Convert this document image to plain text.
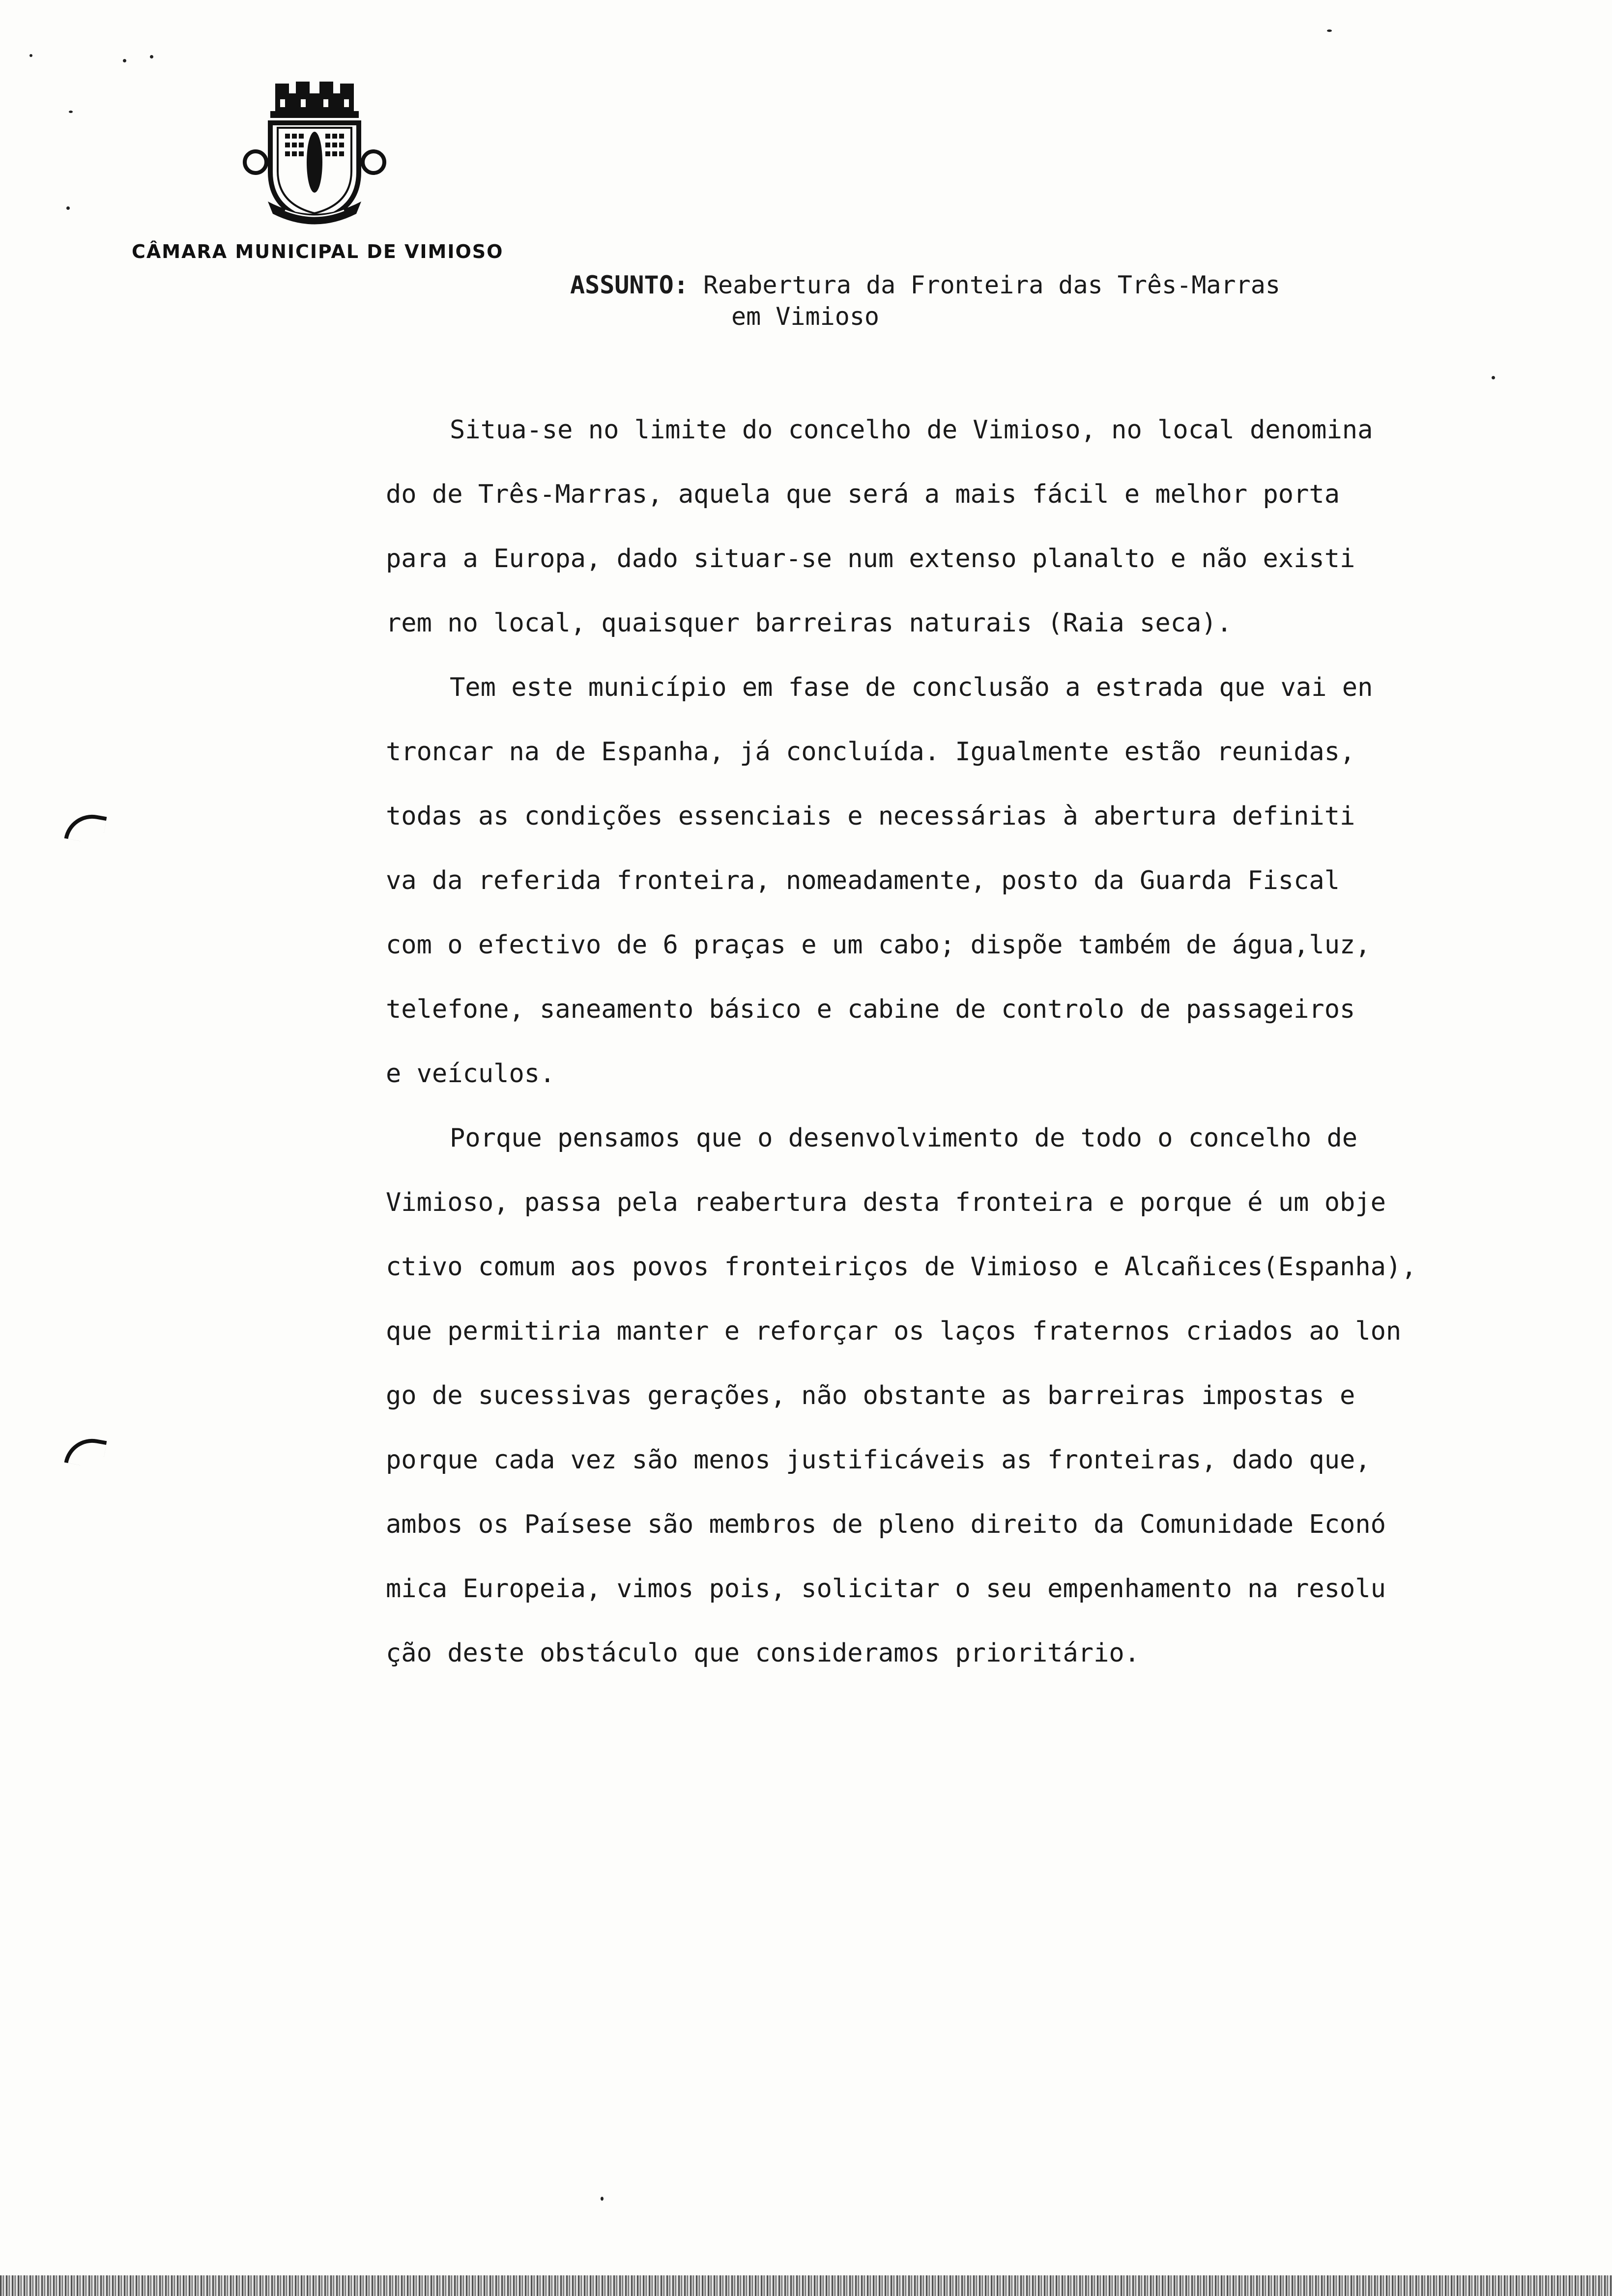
CÂMARA MUNICIPAL DE VIMIOSO
ASSUNTO: Reabertura da Fronteira das Três-Marras
em Vimioso
Situa-se no limite do concelho de Vimioso, no local denomina
do de Três-Marras, aquela que será a mais fácil e melhor porta
para a Europa, dado situar-se num extenso planalto e não existi
rem no local, quaisquer barreiras naturais (Raia seca).
Tem este município em fase de conclusão a estrada que vai en
troncar na de Espanha, já concluída. Igualmente estão reunidas,
todas as condições essenciais e necessárias à abertura definiti
va da referida fronteira, nomeadamente, posto da Guarda Fiscal
com o efectivo de 6 praças e um cabo; dispõe também de água,luz,
telefone, saneamento básico e cabine de controlo de passageiros
e veículos.
Porque pensamos que o desenvolvimento de todo o concelho de
Vimioso, passa pela reabertura desta fronteira e porque é um obje
ctivo comum aos povos fronteiriços de Vimioso e Alcañices(Espanha),
que permitiria manter e reforçar os laços fraternos criados ao lon
go de sucessivas gerações, não obstante as barreiras impostas e
porque cada vez são menos justificáveis as fronteiras, dado que,
ambos os Paísese são membros de pleno direito da Comunidade Econó
mica Europeia, vimos pois, solicitar o seu empenhamento na resolu
ção deste obstáculo que consideramos prioritário.
